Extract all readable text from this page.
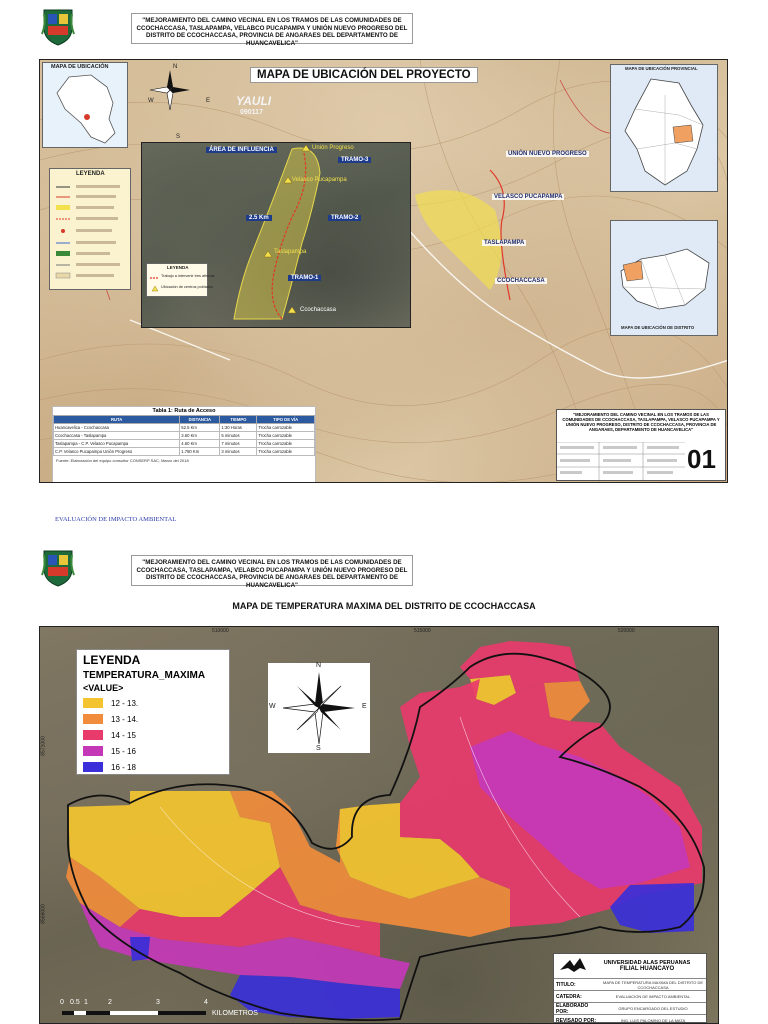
"MEJORAMIENTO DEL CAMINO VECINAL EN LOS TRAMOS DE LAS COMUNIDADES DE CCOCHACCASA, TASLAPAMPA, VELABCO PUCAPAMPA Y UNIÓN NUEVO PROGRESO DEL DISTRITO DE CCOCHACCASA, PROVINCIA DE ANGARAES DEL DEPARTAMENTO DE HUANCAVELICA"
MAPA DE UBICACIÓN	N
S
E
W
MAPA DE UBICACIÓN DEL PROYECTO
YAULI
090117
LEYENDA
ÁREA DE INFLUENCIA
TRAMO-3
TRAMO-2
TRAMO-1
2.5 Km
Unión Progreso
Velasco Pucapampa
Taslapampa
Ccochaccasa
LEYENDA
Trabajo a intervenir tres afirmas
Ubicación de centros poblados
UNIÓN NUEVO PROGRESO
VELASCO PUCAPAMPA
TASLAPAMPA
CCOCHACCASA
MAPA DE UBICACIÓN PROVINCIAL
MAPA DE UBICACIÓN DE DISTRITO
Tabla 1: Ruta de Acceso
RUTA	DISTANCIA	TIEMPO	TIPO DE VÍA
Huancavelica - Ccochaccasa	52.5 Km	1:30 Horas	Trocha carrozable
Ccochaccasa - Taslapampa	3.60 Km	5 minutos	Trocha carrozable
Taslapampa - C.P. Velasco Pucapampa	4.60 Km	7 minutos	Trocha carrozable
C.P. Velasco Pucapampa Unión Progreso	1.780 Km	3 minutos	Trocha carrozable
Fuente: Elaboración del equipo consultor CONSERP SAC, Marzo del 2018
"MEJORAMIENTO DEL CAMINO VECINAL EN LOS TRAMOS DE LAS COMUNIDADES DE CCOCHACCASA, TASLAPAMPA, VELASCO PUCAPAMPA Y UNIÓN NUEVO PROGRESO, DISTRITO DE CCOCHACCASA, PROVINCIA DE ANGARAES, DEPARTAMENTO DE HUANCAVELICA"
01
EVALUACIÓN DE IMPACTO AMBIENTAL
"MEJORAMIENTO DEL CAMINO VECINAL EN LOS TRAMOS DE LAS COMUNIDADES DE CCOCHACCASA, TASLAPAMPA, VELABCO PUCAPAMPA Y UNIÓN NUEVO PROGRESO DEL DISTRITO DE CCOCHACCASA, PROVINCIA DE ANGARAES DEL DEPARTAMENTO DE HUANCAVELICA"
MAPA DE TEMPERATURA MAXIMA DEL DISTRITO DE CCOCHACCASA
510000	515000	520000
8571000
8566000
LEYENDA
TEMPERATURA_MAXIMA
<VALUE>
12 - 13.
13 - 14.
14 - 15
15 - 16
16 - 18
N
S
E
W
0 0.5 1	2	3	4
KILOMETROS
UNIVERSIDAD ALAS PERUANAS
FILIAL HUANCAYO
TITULO:	MAPA DE TEMPERATURA MAXIMA DEL DISTRITO DE CCOCHACCASA
CATEDRA:	EVALUACION DE IMPACTO AMBIENTAL
ELABORADO POR:	GRUPO ENCARGADO DEL ESTUDIO
REVISADO POR:	ING. LUIS PALOMINO DE LA MATA
